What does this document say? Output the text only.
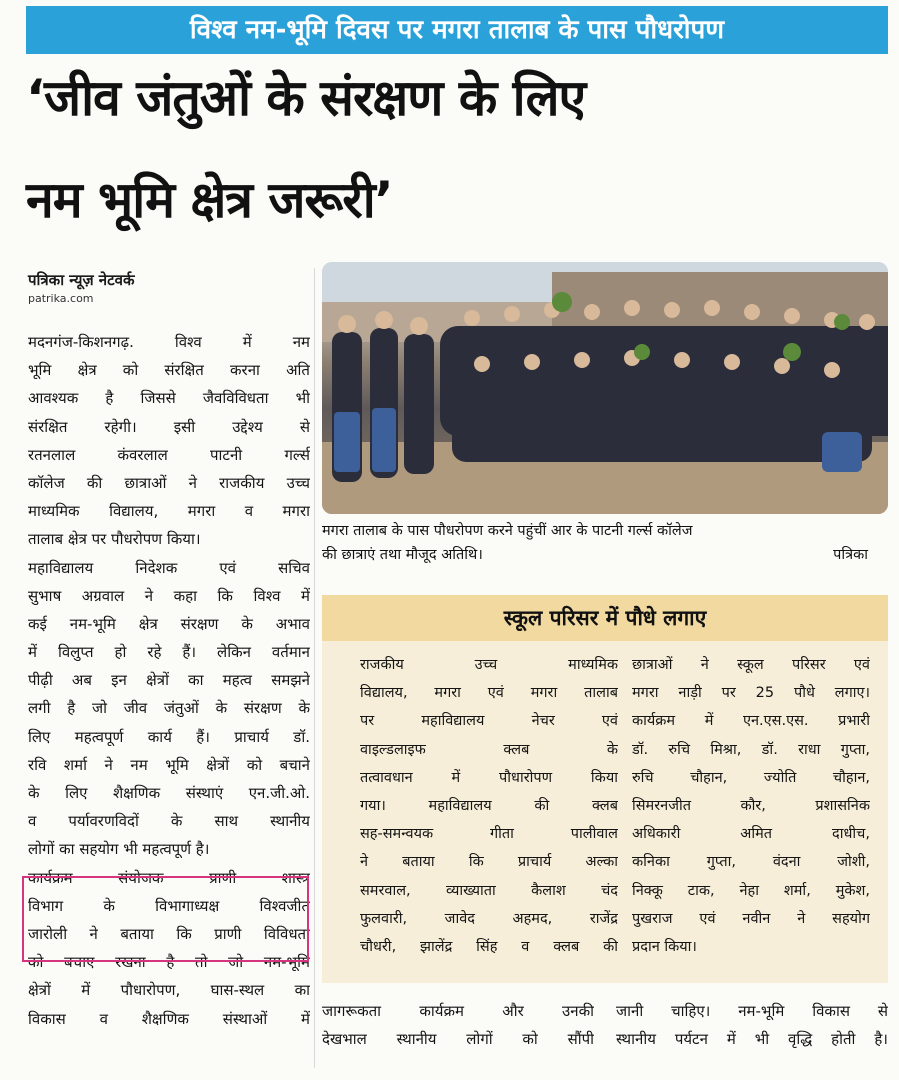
विश्व नम-भूमि दिवस पर मगरा तालाब के पास पौधरोपण
‘जीव जंतुओं के संरक्षण के लिए
नम भूमि क्षेत्र जरूरी’
पत्रिका न्यूज़ नेटवर्क
patrika.com
मगरा तालाब के पास पौधरोपण करने पहुंचीं आर के पाटनी गर्ल्स कॉलेज
की छात्राएं तथा मौजूद अतिथि।	पत्रिका
मदनगंज-किशनगढ़. विश्व में नम
भूमि क्षेत्र को संरक्षित करना अति
आवश्यक है जिससे जैवविविधता भी
संरक्षित रहेगी। इसी उद्देश्य से
रतनलाल कंवरलाल पाटनी गर्ल्स
कॉलेज की छात्राओं ने राजकीय उच्च
माध्यमिक विद्यालय, मगरा व मगरा
तालाब क्षेत्र पर पौधरोपण किया।
महाविद्यालय निदेशक एवं सचिव
सुभाष अग्रवाल ने कहा कि विश्व में
कई नम-भूमि क्षेत्र संरक्षण के अभाव
में विलुप्त हो रहे हैं। लेकिन वर्तमान
पीढ़ी अब इन क्षेत्रों का महत्व समझने
लगी है जो जीव जंतुओं के संरक्षण के
लिए महत्वपूर्ण कार्य हैं। प्राचार्य डॉ.
रवि शर्मा ने नम भूमि क्षेत्रों को बचाने
के लिए शैक्षणिक संस्थाएं एन.जी.ओ.
व पर्यावरणविदों के साथ स्थानीय
लोगों का सहयोग भी महत्वपूर्ण है।
कार्यक्रम संयोजक प्राणी शास्त्र
विभाग के विभागाध्यक्ष विश्वजीत
जारोली ने बताया कि प्राणी विविधता
को बचाए रखना है तो जो नम-भूमि
क्षेत्रों में पौधारोपण, घास-स्थल का
विकास व शैक्षणिक संस्थाओं में
स्कूल परिसर में पौधे लगाए
राजकीय उच्च माध्यमिक
विद्यालय, मगरा एवं मगरा तालाब
पर महाविद्यालय नेचर एवं
वाइल्डलाइफ क्लब के
तत्वावधान में पौधारोपण किया
गया। महाविद्यालय की क्लब
सह-समन्वयक गीता पालीवाल
ने बताया कि प्राचार्य अल्का
समरवाल, व्याख्याता कैलाश चंद
फुलवारी, जावेद अहमद, राजेंद्र
चौधरी, झालेंद्र सिंह व क्लब की
छात्राओं ने स्कूल परिसर एवं
मगरा नाड़ी पर 25 पौधे लगाए।
कार्यक्रम में एन.एस.एस. प्रभारी
डॉ. रुचि मिश्रा, डॉ. राधा गुप्ता,
रुचि चौहान, ज्योति चौहान,
सिमरनजीत कौर, प्रशासनिक
अधिकारी अमित दाधीच,
कनिका गुप्ता, वंदना जोशी,
निक्कू टाक, नेहा शर्मा, मुकेश,
पुखराज एवं नवीन ने सहयोग
प्रदान किया।
जागरूकता कार्यक्रम और उनकी
देखभाल स्थानीय लोगों को सौंपी
जानी चाहिए। नम-भूमि विकास से
स्थानीय पर्यटन में भी वृद्धि होती है।
